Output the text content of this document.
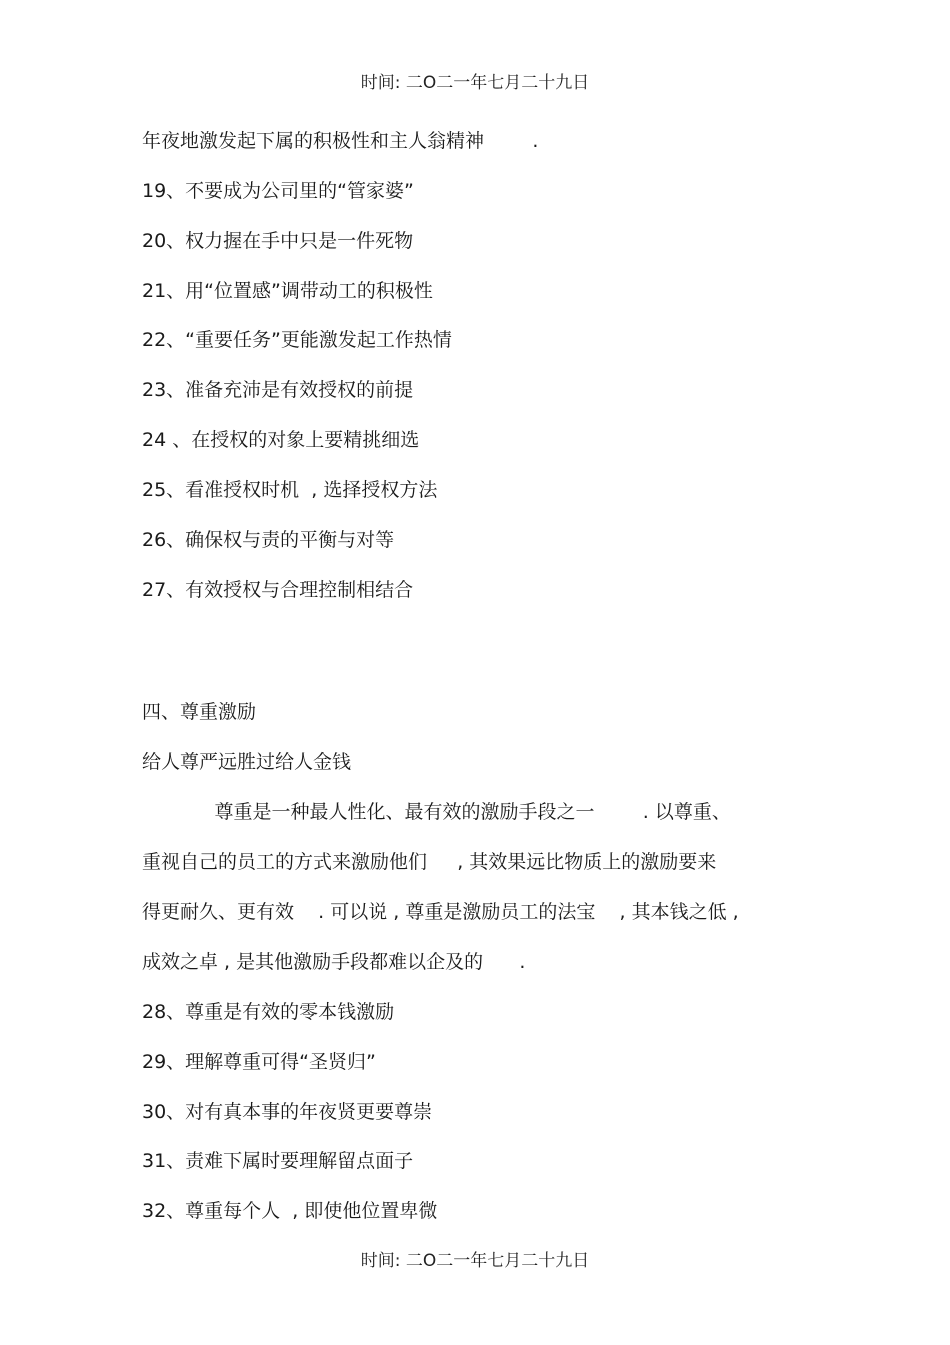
时间: 二O二一年七月二十九日
年夜地激发起下属的积极性和主人翁精神        .
19、不要成为公司里的“管家婆”
20、权力握在手中只是一件死物
21、用“位置感”调带动工的积极性
22、“重要任务”更能激发起工作热情
23、准备充沛是有效授权的前提
24 、在授权的对象上要精挑细选
25、看准授权时机  , 选择授权方法
26、确保权与责的平衡与对等
27、有效授权与合理控制相结合
四、尊重激励
给人尊严远胜过给人金钱
尊重是一种最人性化、最有效的激励手段之一        . 以尊重、
重视自己的员工的方式来激励他们     , 其效果远比物质上的激励要来
得更耐久、更有效    . 可以说 , 尊重是激励员工的法宝    , 其本钱之低 ,
成效之卓 , 是其他激励手段都难以企及的      .
28、尊重是有效的零本钱激励
29、理解尊重可得“圣贤归”
30、对有真本事的年夜贤更要尊崇
31、责难下属时要理解留点面子
32、尊重每个人  , 即使他位置卑微
时间: 二O二一年七月二十九日
